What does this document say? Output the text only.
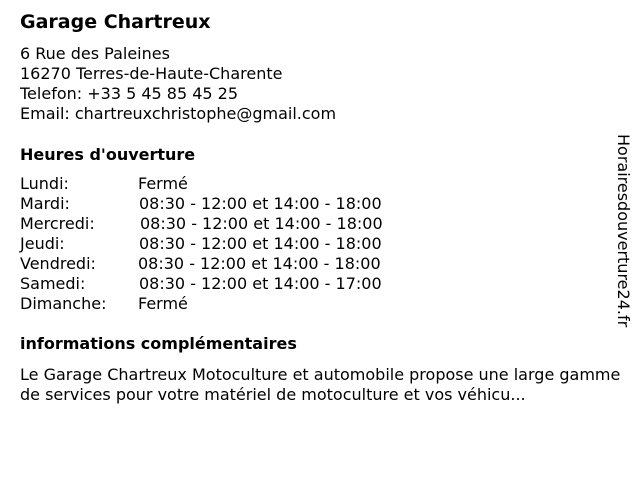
Garage Chartreux
6 Rue des Paleines
16270 Terres-de-Haute-Charente
Telefon: +33 5 45 85 45 25
Email: chartreuxchristophe@gmail.com
Heures d'ouverture
Lundi:	Fermé
Mardi:	08:30 - 12:00 et 14:00 - 18:00
Mercredi:	08:30 - 12:00 et 14:00 - 18:00
Jeudi:	08:30 - 12:00 et 14:00 - 18:00
Vendredi:	08:30 - 12:00 et 14:00 - 18:00
Samedi:	08:30 - 12:00 et 14:00 - 17:00
Dimanche: Fermé
informations complémentaires
Le Garage Chartreux Motoculture et automobile propose une large gamme de services pour votre matériel de motoculture et vos véhicu...
Horairesdouverture24.fr
